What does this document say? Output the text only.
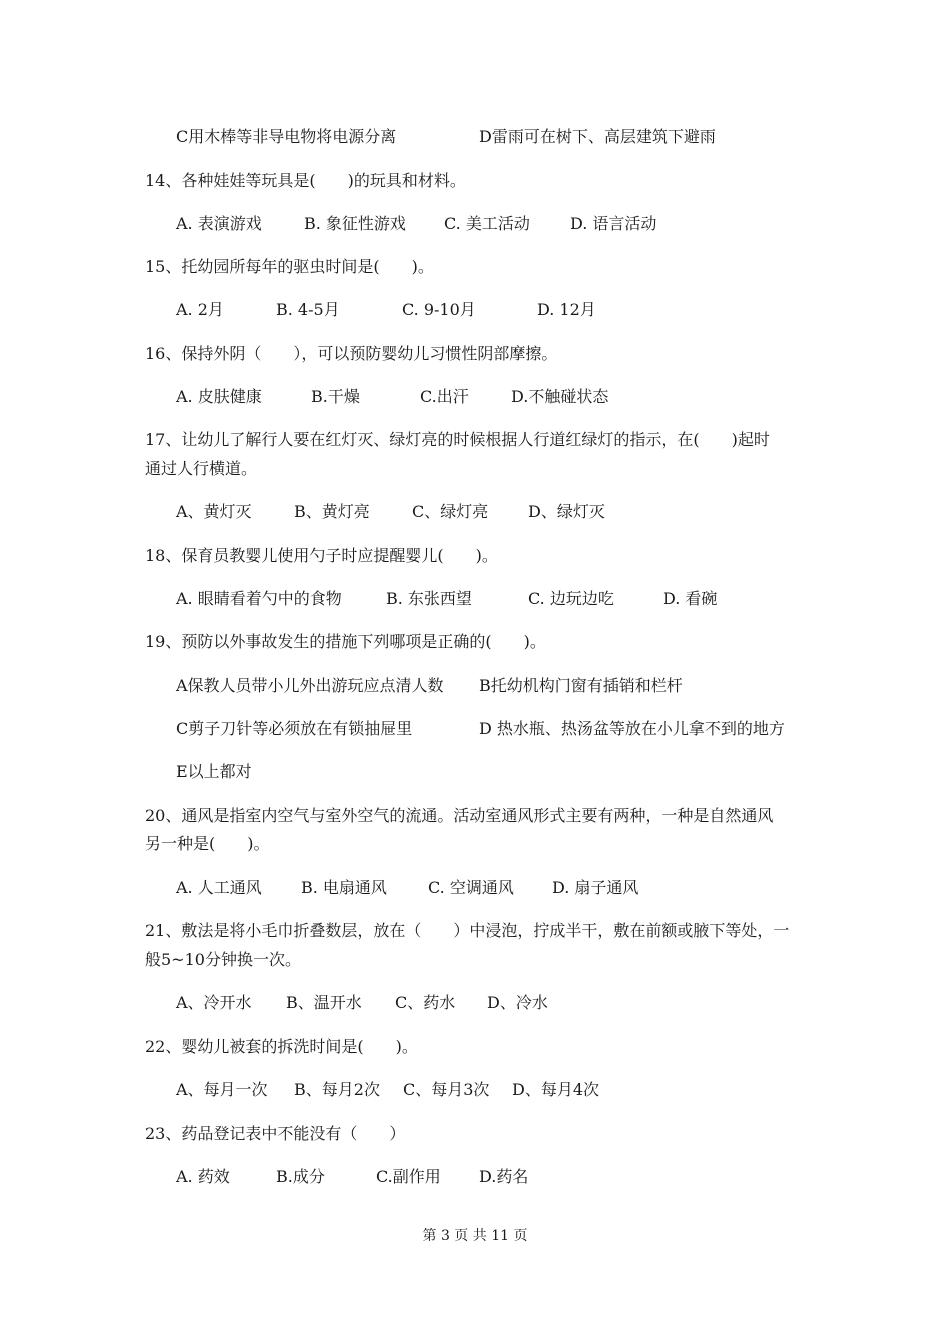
C用木棒等非导电物将电源分离	D雷雨可在树下、高层建筑下避雨
14、各种娃娃等玩具是(　　)的玩具和材料。

A. 表演游戏

	B. 象征性游戏

C. 美工活动

	D. 语言活动

15、托幼园所每年的驱虫时间是(　　)。

A. 2月

	B. 4-5月

	C. 9-10月

	D. 12月

16、保持外阴（　　），可以预防婴幼儿习惯性阴部摩擦。

A. 皮肤健康

	B.干燥

	C.出汗

	D.不触碰状态

17、让幼儿了解行人要在红灯灭、绿灯亮的时候根据人行道红绿灯的指示，在(　　)起时
通过人行横道。

A、黄灯灭

	B、黄灯亮

	C、绿灯亮

D、绿灯灭

18、保育员教婴儿使用勺子时应提醒婴儿(　　)。

A. 眼睛看着勺中的食物

	B. 东张西望

	C. 边玩边吃

	D. 看碗

19、预防以外事故发生的措施下列哪项是正确的(　　)。
A保教人员带小儿外出游玩应点清人数 B托幼机构门窗有插销和栏杆
C剪子刀针等必须放在有锁抽屉里	D 热水瓶、热汤盆等放在小儿拿不到的地方
E以上都对
20、通风是指室内空气与室外空气的流通。活动室通风形式主要有两种，一种是自然通风
另一种是(　　)。

A. 人工通风

B. 电扇通风

	C. 空调通风

D. 扇子通风

21、敷法是将小毛巾折叠数层，放在（　　）中浸泡，拧成半干，敷在前额或腋下等处，一
般5~10分钟换一次。

A、冷开水

B、温开水

C、药水

D、冷水

22、婴幼儿被套的拆洗时间是(　　)。

A、每月一次

B、每月2次

C、每月3次

D、每月4次

23、药品登记表中不能没有（　　）

A. 药效

	B.成分

	C.副作用

D.药名

第 3 页 共 11 页
